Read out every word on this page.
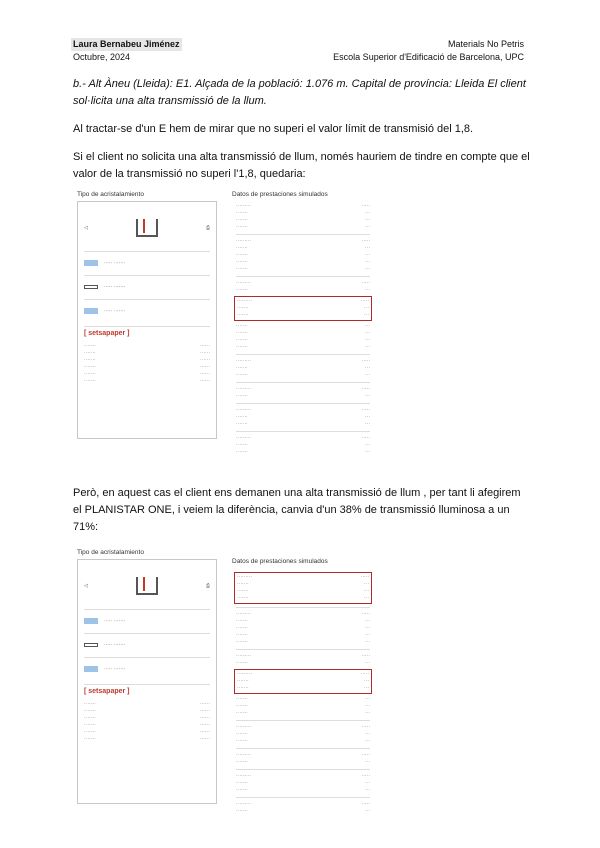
Laura Bernabeu Jiménez

Octubre, 2024
Materials No Petris
Escola Superior d'Edificació de Barcelona, UPC

b.- Alt Àneu (Lleida): E1. Alçada de la població: 1.076 m. Capital de província: Lleida El client sol·licita una alta transmissió de la llum.

Al tractar-se d'un E hem de mirar que no superi el valor límit de transmisió del 1,8.

Si el client no solicita una alta transmissió de llum, només hauriem de tindre en compte que el valor de la transmissió no superi l'1,8, quedaria:

Tipo de acristalamiento
◁	⎙
····· ·······
····· ·······
····· ·······
[ setsapaper ]
·······	······
·······	······
·······	······
·······	······
·······	······
·······	······
Datos de prestaciones simulados
·········	·····
·······	···
·······	···
·······	···
·········	·····
·······	···
·······	···
·······	···
·······	···
·········	·····
·······	···
·········	·····
·······	···
·······	···
·······	···
·······	···
·······	···
·······	···
·········	·····
·······	···
·······	···
·········	·····
·······	···
·········	·····
·······	···
·······	···
·········	·····
·······	···
·······	···

Però, en aquest cas el client ens demanen una alta transmissió de llum , per tant li afegirem el PLANISTAR ONE, i veiem la diferència, canvia d'un 38% de transmissió lluminosa a un 71%:

Tipo de acristalamiento
◁	⎙
····· ·······
····· ·······
····· ·······
[ setsapaper ]
·······	······
·······	······
·······	······
·······	······
·······	······
·······	······
Datos de prestaciones simulados
·········	·····
·······	···
·······	···
·······	···
·········	·····
·······	···
·······	···
·······	···
·······	···
·········	·····
·······	···
·········	·····
·······	···
·······	···
·······	···
·······	···
·······	···
·········	·····
·······	···
·······	···
·········	·····
·······	···
·········	·····
·······	···
·······	···
·········	·····
·······	···
